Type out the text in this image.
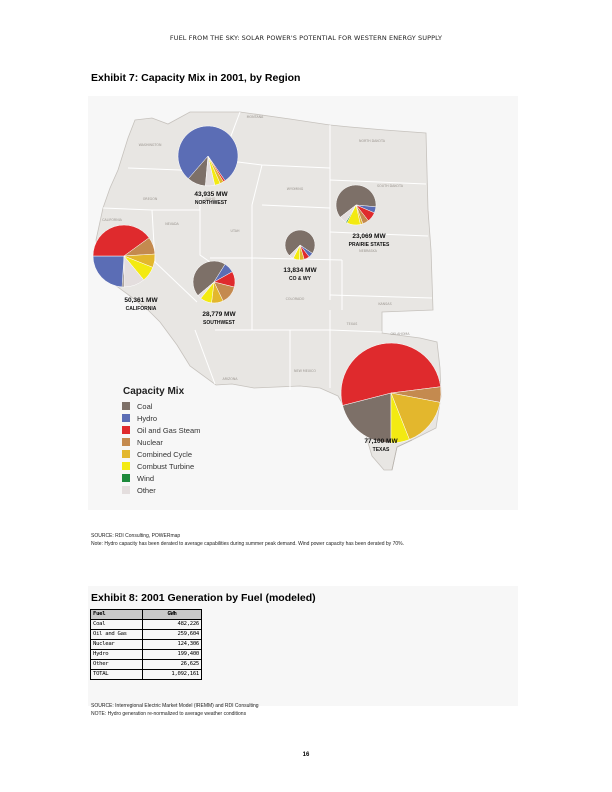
FUEL FROM THE SKY: SOLAR POWER'S POTENTIAL FOR WESTERN ENERGY SUPPLY
Exhibit 7: Capacity Mix in 2001, by Region
MONTANA
NORTH DAKOTA
SOUTH DAKOTA
WASHINGTON
OREGON	IDAHO
WYOMING
NEBRASKA
NEVADA
UTAH
COLORADO
KANSAS
CALIFORNIA
ARIZONA
NEW MEXICO
OKLAHOMA
TEXAS
43,935 MW
NORTHWEST
23,069 MW
PRAIRIE STATES
13,834 MW
CO & WY
50,361 MW
CALIFORNIA
28,779 MW
SOUTHWEST
77,100 MW
TEXAS
Capacity Mix
Coal
Hydro
Oil and Gas Steam
Nuclear
Combined Cycle
Combust Turbine
Wind
Other
SOURCE: RDI Consulting, POWERmap
Note: Hydro capacity has been derated to average capabilities during summer peak demand. Wind power capacity has been derated by 70%.
Exhibit 8: 2001 Generation by Fuel (modeled)
Fuel	GWh
Coal	482,226
Oil and Gas	259,604
Nuclear	124,306
Hydro	199,400
Other	26,625
TOTAL	1,092,161
SOURCE: Interregional Electric Market Model (IREMM) and RDI Consulting
NOTE: Hydro generation re-normalized to average weather conditions
16
